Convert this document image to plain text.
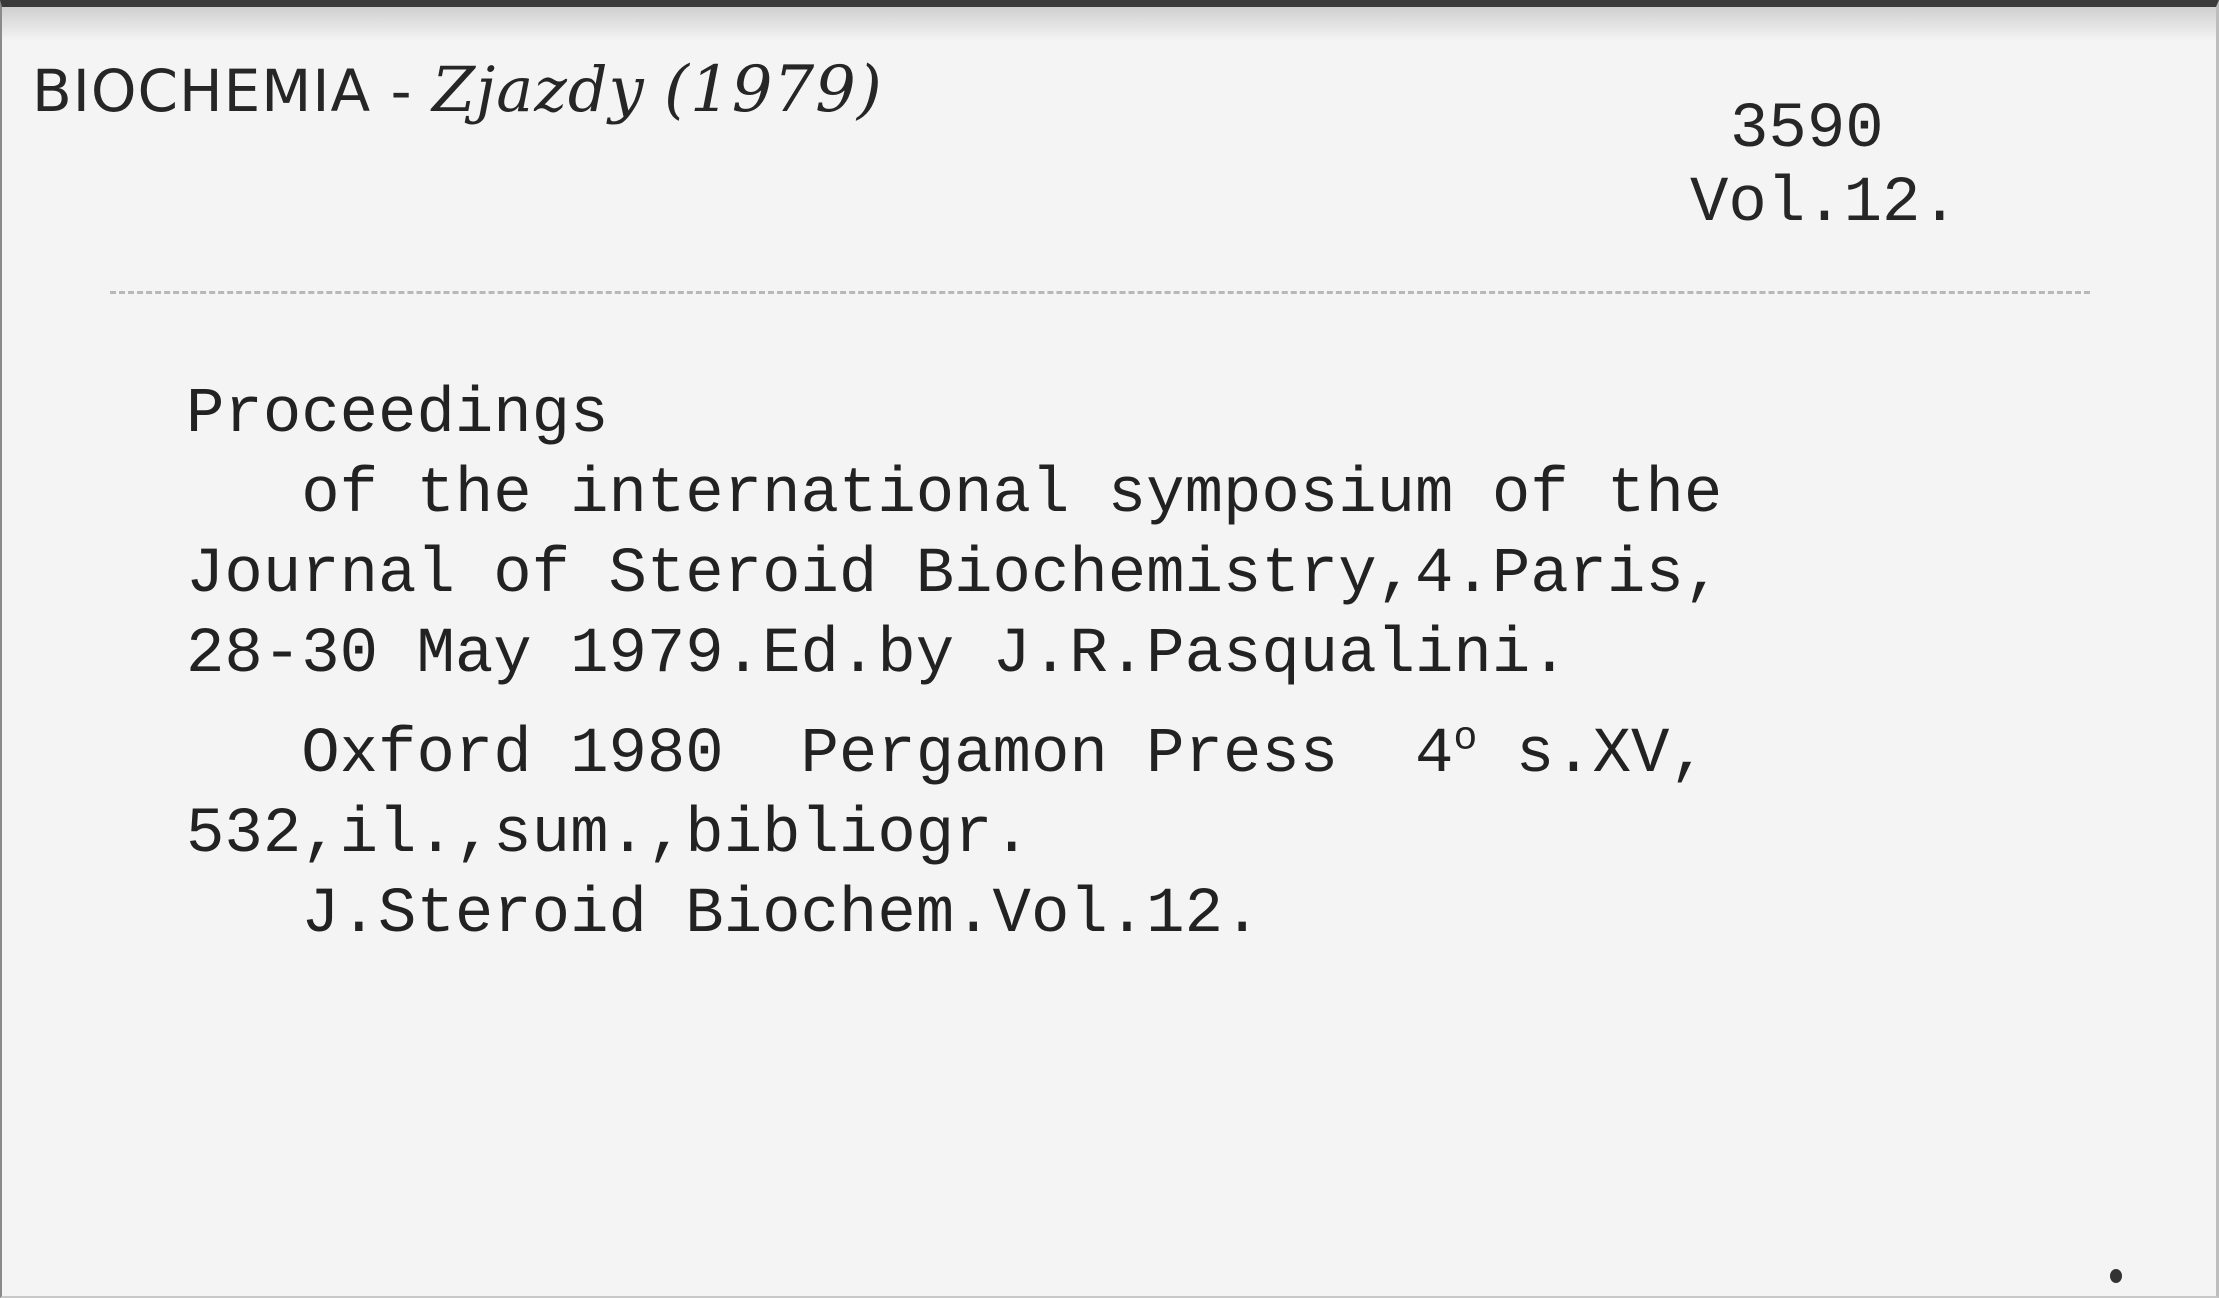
BIOCHEMIA - Zjazdy (1979)
3590
Vol.12.
Proceedings
of the international symposium of the
Journal of Steroid Biochemistry,4.Paris,
28-30 May 1979.Ed.by J.R.Pasqualini.
Oxford 1980  Pergamon Press  4$^o$ s.XV,
532,il.,sum.,bibliogr.
J.Steroid Biochem.Vol.12.
